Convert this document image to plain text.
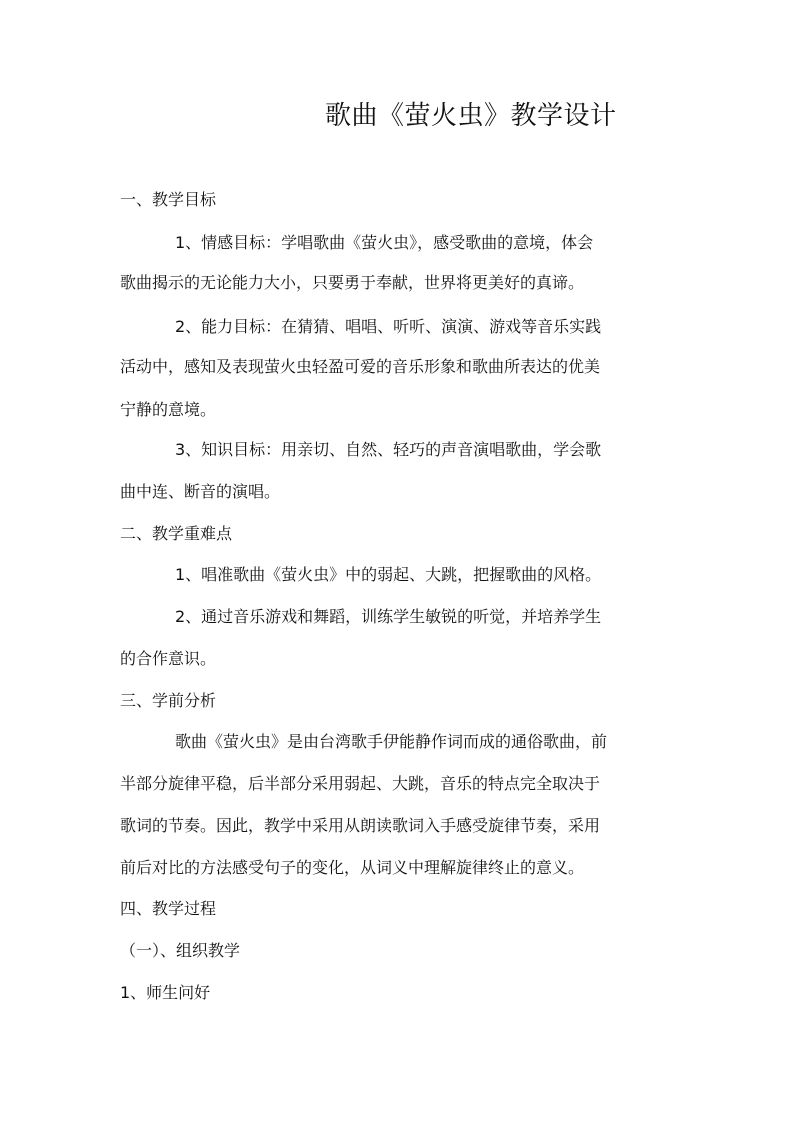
歌曲《萤火虫》教学设计
一、教学目标
1、情感目标：学唱歌曲《萤火虫》，感受歌曲的意境，体会
歌曲揭示的无论能力大小，只要勇于奉献，世界将更美好的真谛。
2、能力目标：在猜猜、唱唱、听听、演演、游戏等音乐实践
活动中，感知及表现萤火虫轻盈可爱的音乐形象和歌曲所表达的优美
宁静的意境。
3、知识目标：用亲切、自然、轻巧的声音演唱歌曲，学会歌
曲中连、断音的演唱。
二、教学重难点
1、唱准歌曲《萤火虫》中的弱起、大跳，把握歌曲的风格。
2、通过音乐游戏和舞蹈，训练学生敏锐的听觉，并培养学生
的合作意识。
三、学前分析
歌曲《萤火虫》是由台湾歌手伊能静作词而成的通俗歌曲，前
半部分旋律平稳，后半部分采用弱起、大跳，音乐的特点完全取决于
歌词的节奏。因此，教学中采用从朗读歌词入手感受旋律节奏，采用
前后对比的方法感受句子的变化，从词义中理解旋律终止的意义。
四、教学过程
（一）、组织教学
1、师生问好
